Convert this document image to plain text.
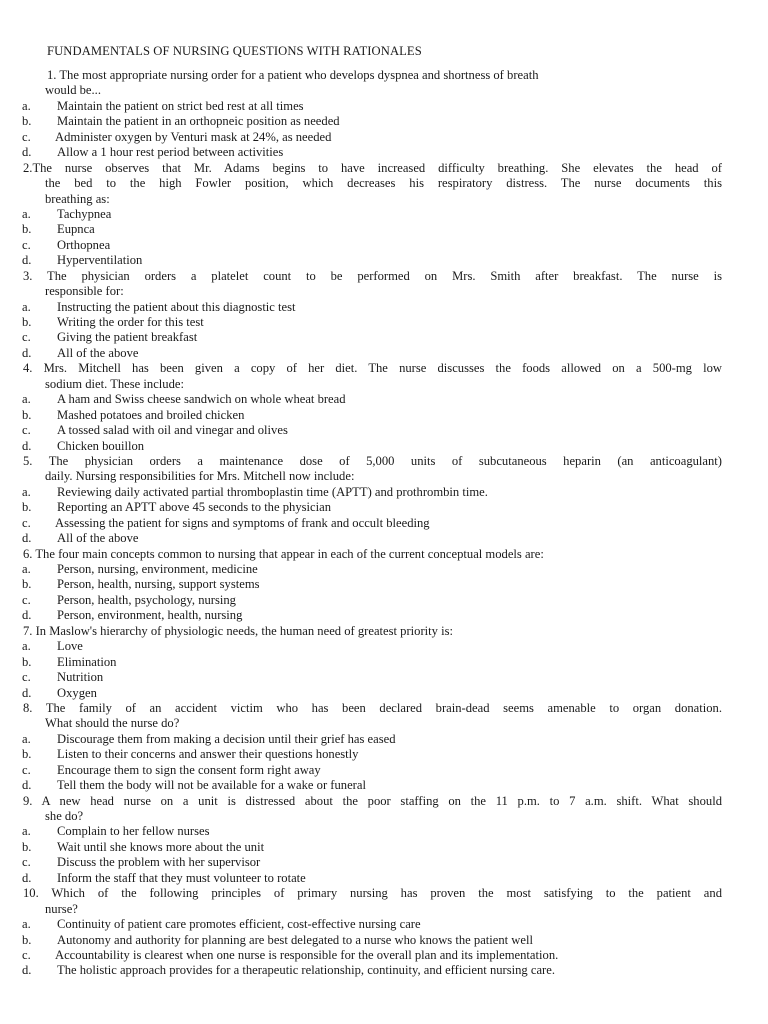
FUNDAMENTALS OF NURSING QUESTIONS WITH RATIONALES
1. The most appropriate nursing order for a patient who develops dyspnea and shortness of breath
would be...
a. Maintain the patient on strict bed rest at all times
b. Maintain the patient in an orthopneic position as needed
c. Administer oxygen by Venturi mask at 24%, as needed
d. Allow a 1 hour rest period between activities
2.The nurse observes that Mr. Adams begins to have increased difficulty breathing. She elevates the head of
the bed to the high Fowler position, which decreases his respiratory distress. The nurse documents this
breathing as:
a. Tachypnea
b. Eupnca
c. Orthopnea
d. Hyperventilation
3. The physician orders a platelet count to be performed on Mrs. Smith after breakfast. The nurse is
responsible for:
a. Instructing the patient about this diagnostic test
b. Writing the order for this test
c. Giving the patient breakfast
d. All of the above
4. Mrs. Mitchell has been given a copy of her diet. The nurse discusses the foods allowed on a 500-mg low
sodium diet. These include:
a. A ham and Swiss cheese sandwich on whole wheat bread
b. Mashed potatoes and broiled chicken
c. A tossed salad with oil and vinegar and olives
d. Chicken bouillon
5. The physician orders a maintenance dose of 5,000 units of subcutaneous heparin (an anticoagulant)
daily. Nursing responsibilities for Mrs. Mitchell now include:
a. Reviewing daily activated partial thromboplastin time (APTT) and prothrombin time.
b. Reporting an APTT above 45 seconds to the physician
c. Assessing the patient for signs and symptoms of frank and occult bleeding
d. All of the above
6. The four main concepts common to nursing that appear in each of the current conceptual models are:
a. Person, nursing, environment, medicine
b. Person, health, nursing, support systems
c. Person, health, psychology, nursing
d. Person, environment, health, nursing
7. In Maslow's hierarchy of physiologic needs, the human need of greatest priority is:
a. Love
b. Elimination
c. Nutrition
d. Oxygen
8. The family of an accident victim who has been declared brain-dead seems amenable to organ donation.
What should the nurse do?
a. Discourage them from making a decision until their grief has eased
b. Listen to their concerns and answer their questions honestly
c. Encourage them to sign the consent form right away
d. Tell them the body will not be available for a wake or funeral
9. A new head nurse on a unit is distressed about the poor staffing on the 11 p.m. to 7 a.m. shift. What should
she do?
a. Complain to her fellow nurses
b. Wait until she knows more about the unit
c. Discuss the problem with her supervisor
d. Inform the staff that they must volunteer to rotate
10. Which of the following principles of primary nursing has proven the most satisfying to the patient and
nurse?
a. Continuity of patient care promotes efficient, cost-effective nursing care
b. Autonomy and authority for planning are best delegated to a nurse who knows the patient well
c. Accountability is clearest when one nurse is responsible for the overall plan and its implementation.
d. The holistic approach provides for a therapeutic relationship, continuity, and efficient nursing care.
